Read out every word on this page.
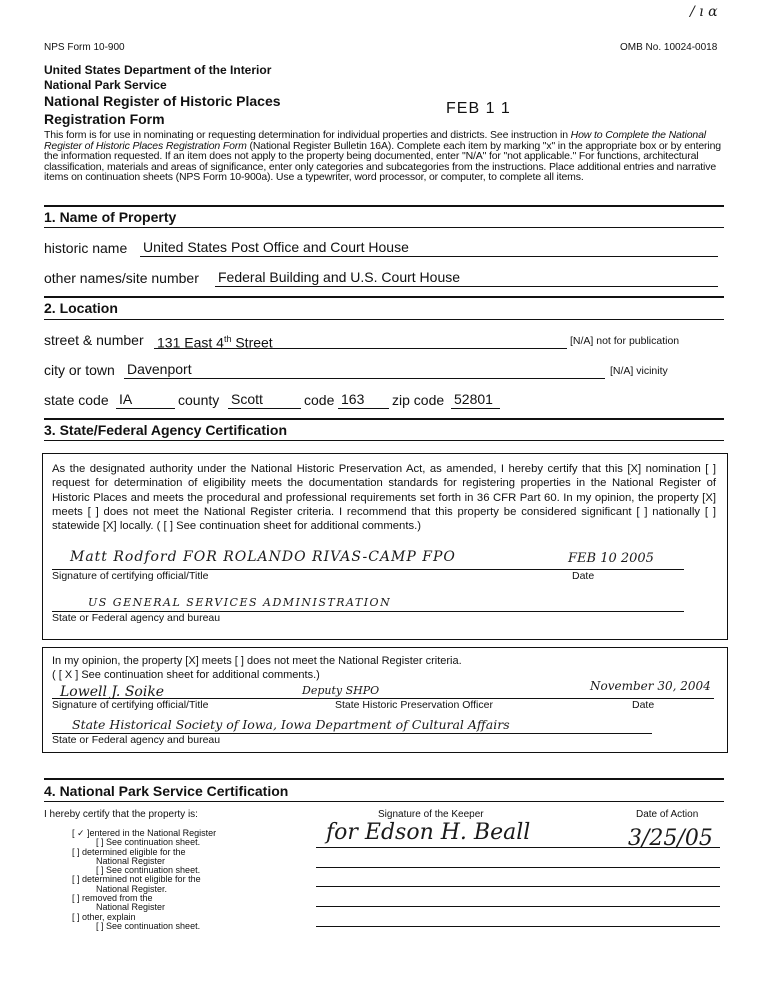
/ ı α
NPS Form 10-900	OMB No. 10024-0018
United States Department of the Interior
National Park Service
National Register of Historic Places
Registration Form
FEB 1 1
This form is for use in nominating or requesting determination for individual properties and districts. See instruction in How to Complete the National Register of Historic Places Registration Form (National Register Bulletin 16A). Complete each item by marking "x" in the appropriate box or by entering the information requested. If an item does not apply to the property being documented, enter "N/A" for "not applicable." For functions, architectural classification, materials and areas of significance, enter only categories and subcategories from the instructions. Place additional entries and narrative items on continuation sheets (NPS Form 10-900a). Use a typewriter, word processor, or computer, to complete all items.
1. Name of Property
historic name United States Post Office and Court House
other names/site number Federal Building and U.S. Court House
2. Location
street & number 131 East 4th Street	[N/A] not for publication
city or town Davenport	[N/A] vicinity
state code IA	county Scott	code 163	zip code 52801
3. State/Federal Agency Certification
As the designated authority under the National Historic Preservation Act, as amended, I hereby certify that this [X] nomination [ ] request for determination of eligibility meets the documentation standards for registering properties in the National Register of Historic Places and meets the procedural and professional requirements set forth in 36 CFR Part 60. In my opinion, the property [X] meets [ ] does not meet the National Register criteria. I recommend that this property be considered significant [ ] nationally [ ] statewide [X] locally. ( [ ] See continuation sheet for additional comments.)
Matt Rodford FOR ROLANDO RIVAS-CAMP FPO	FEB 10 2005
Signature of certifying official/Title	Date
US GENERAL SERVICES ADMINISTRATION
State or Federal agency and bureau
In my opinion, the property [X] meets [ ] does not meet the National Register criteria.
( [ X ] See continuation sheet for additional comments.)
Lowell J. Soike	Deputy SHPO	November 30, 2004
Signature of certifying official/Title	State Historic Preservation Officer	Date
State Historical Society of Iowa, Iowa Department of Cultural Affairs
State or Federal agency and bureau
4. National Park Service Certification
I hereby certify that the property is:	Signature of the Keeper	Date of Action
for Edson H. Beall	3/25/05
[ ✓ ]entered in the National Register
[ ] See continuation sheet.
[ ] determined eligible for the
National Register
[ ] See continuation sheet.
[ ] determined not eligible for the
National Register.
[ ] removed from the
National Register
[ ] other, explain
[ ] See continuation sheet.
